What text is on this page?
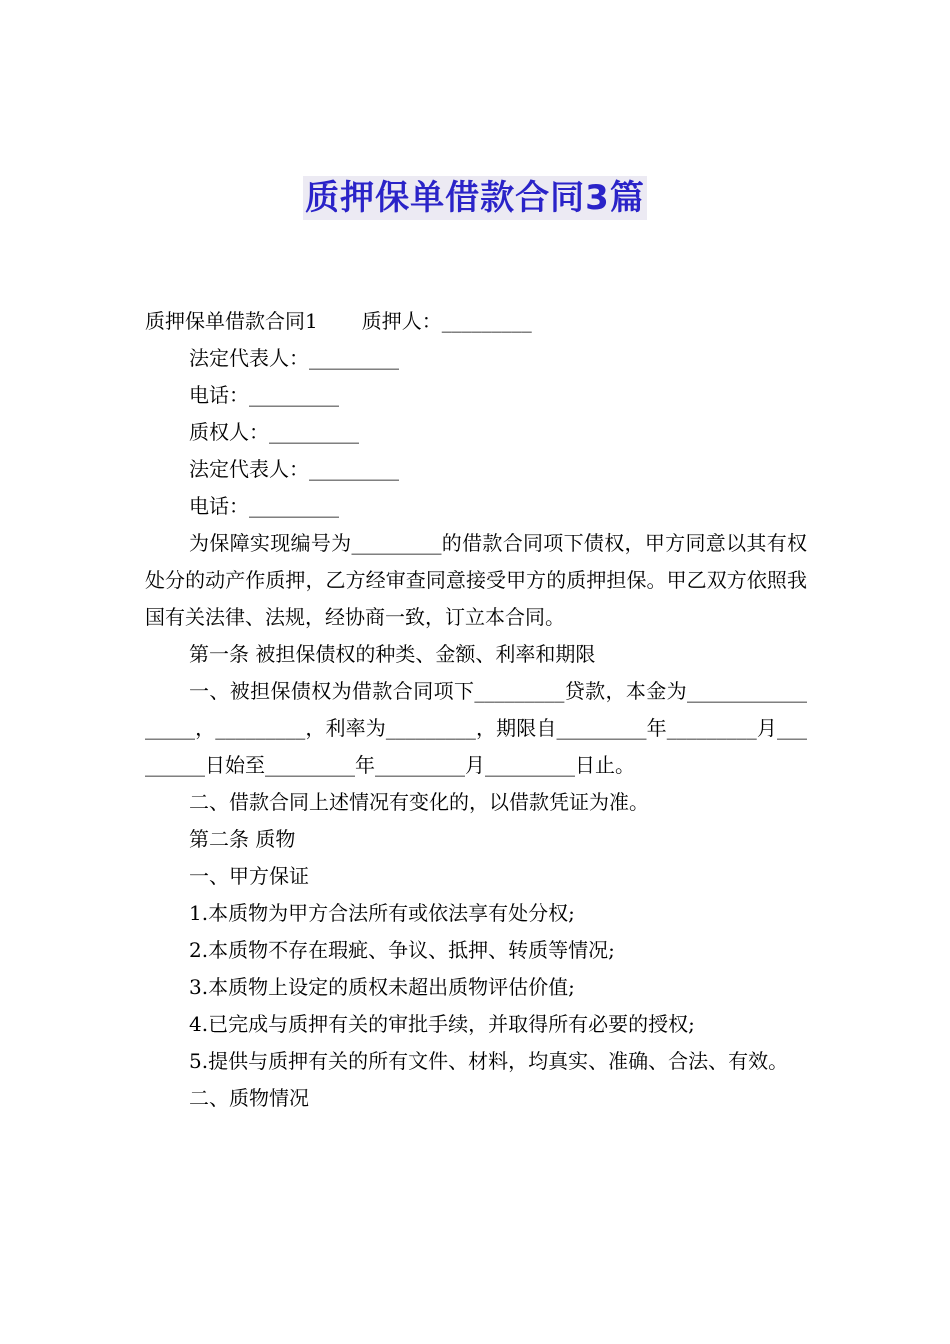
质押保单借款合同3篇

质押保单借款合同1 质押人：_________

法定代表人：_________

电话：_________

质权人：_________

法定代表人：_________

电话：_________

为保障实现编号为_________的借款合同项下债权，甲方同意以其有权处分的动产作质押，乙方经审查同意接受甲方的质押担保。甲乙双方依照我国有关法律、法规，经协商一致，订立本合同。

第一条 被担保债权的种类、金额、利率和期限

一、被担保债权为借款合同项下_________贷款，本金为_________________，_________，利率为_________，期限自_________年_________月_________日始至_________年_________月_________日止。

二、借款合同上述情况有变化的，以借款凭证为准。

第二条 质物

一、甲方保证

1.本质物为甲方合法所有或依法享有处分权;

2.本质物不存在瑕疵、争议、抵押、转质等情况;

3.本质物上设定的质权未超出质物评估价值;

4.已完成与质押有关的审批手续，并取得所有必要的授权;

5.提供与质押有关的所有文件、材料，均真实、准确、合法、有效。

二、质物情况
